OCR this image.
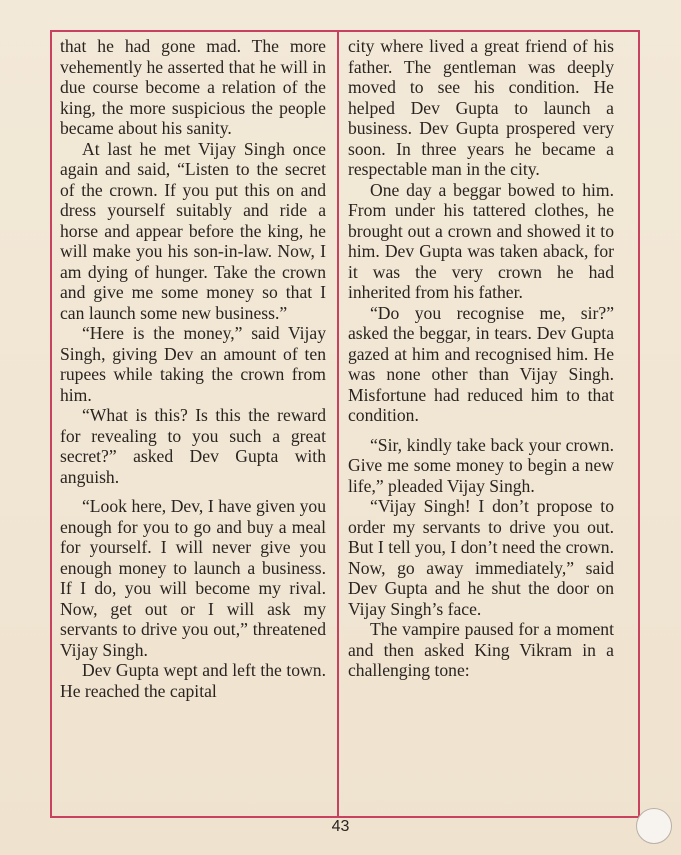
that he had gone mad. The more vehemently he asserted that he will in due course become a relation of the king, the more suspicious the people became about his sanity.

At last he met Vijay Singh once again and said, “Listen to the secret of the crown. If you put this on and dress yourself suitably and ride a horse and appear before the king, he will make you his son-in-law. Now, I am dying of hunger. Take the crown and give me some money so that I can launch some new business.”

“Here is the money,” said Vijay Singh, giving Dev an amount of ten rupees while taking the crown from him.

“What is this? Is this the reward for revealing to you such a great secret?” asked Dev Gupta with anguish.

“Look here, Dev, I have given you enough for you to go and buy a meal for yourself. I will never give you enough money to launch a business. If I do, you will become my rival. Now, get out or I will ask my servants to drive you out,” threatened Vijay Singh.

Dev Gupta wept and left the town. He reached the capital

city where lived a great friend of his father. The gentleman was deeply moved to see his condition. He helped Dev Gupta to launch a business. Dev Gupta prospered very soon. In three years he became a respectable man in the city.

One day a beggar bowed to him. From under his tattered clothes, he brought out a crown and showed it to him. Dev Gupta was taken aback, for it was the very crown he had inherited from his father.

“Do you recognise me, sir?” asked the beggar, in tears. Dev Gupta gazed at him and recognised him. He was none other than Vijay Singh. Misfortune had reduced him to that condition.

“Sir, kindly take back your crown. Give me some money to begin a new life,” pleaded Vijay Singh.

“Vijay Singh! I don’t propose to order my servants to drive you out. But I tell you, I don’t need the crown. Now, go away immediately,” said Dev Gupta and he shut the door on Vijay Singh’s face.

The vampire paused for a moment and then asked King Vikram in a challenging tone:

43
